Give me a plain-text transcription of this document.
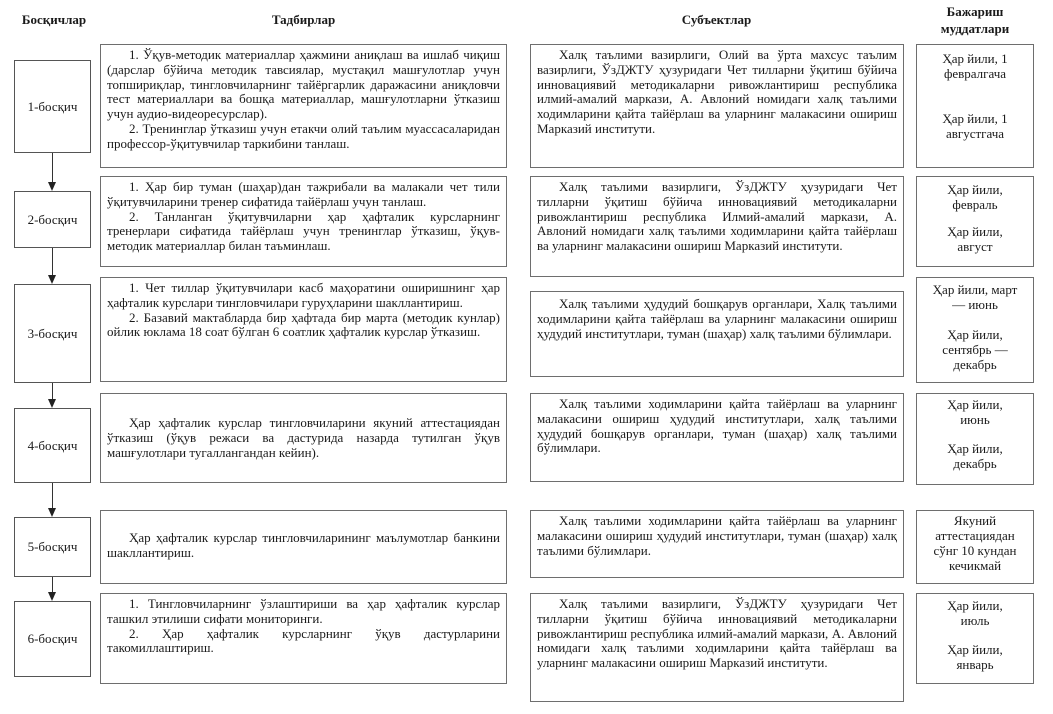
Босқичлар	Тадбирлар	Субъектлар
Бажариш
муддатлари
1-босқич

1. Ўқув-методик материаллар ҳажмини аниқлаш ва ишлаб чиқиш (дарслар бўйича методик тавсиялар, мустақил машғулотлар учун топшириқлар, тингловчиларнинг тайёргарлик даражасини аниқловчи тест материаллари ва бошқа материаллар, машғулотларни ўтказиш учун аудио-видеоресурслар).

2. Тренинглар ўтказиш учун етакчи олий таълим муассасаларидан профессор-ўқитувчилар таркибини танлаш.

Халқ таълими вазирлиги, Олий ва ўрта махсус таълим вазирлиги, ЎзДЖТУ ҳузуридаги Чет тилларни ўқитиш бўйича инновациявий методикаларни ривожлантириш республика илмий-амалий маркази, А. Авлоний номидаги халқ таълими ходимларини қайта тайёрлаш ва уларнинг малакасини ошириш Марказий институти.

Ҳар йили, 1 февралгача

Ҳар йили, 1 августгача

2-босқич

1. Ҳар бир туман (шаҳар)дан тажрибали ва малакали чет тили ўқитувчиларини тренер сифатида тайёрлаш учун танлаш.

2. Танланган ўқитувчиларни ҳар ҳафталик курсларнинг тренерлари сифатида тайёрлаш учун тренинглар ўтказиш, ўқув-методик материаллар билан таъминлаш.

Халқ таълими вазирлиги, ЎзДЖТУ ҳузуридаги Чет тилларни ўқитиш бўйича инновациявий методикаларни ривожлантириш республика Илмий-амалий маркази, А. Авлоний номидаги халқ таълими ходимларини қайта тайёрлаш ва уларнинг малакасини ошириш Марказий институти.

Ҳар йили, февраль

Ҳар йили, август

3-босқич

1. Чет тиллар ўқитувчилари касб маҳоратини оширишнинг ҳар ҳафталик курслари тингловчилари гуруҳларини шакллантириш.

2. Базавий мактабларда бир ҳафтада бир марта (методик кунлар) ойлик юклама 18 соат бўлган 6 соатлик ҳафталик курслар ўтказиш.

Халқ таълими ҳудудий бошқарув органлари, Халқ таълими ходимларини қайта тайёрлаш ва уларнинг малакасини ошириш ҳудудий институтлари, туман (шаҳар) халқ таълими бўлимлари.

Ҳар йили, март — июнь

Ҳар йили, сентябрь — декабрь

4-босқич

Ҳар ҳафталик курслар тингловчиларини якуний аттестациядан ўтказиш (ўқув режаси ва дастурида назарда тутилган ўқув машғулотлари тугаллангандан кейин).

Халқ таълими ходимларини қайта тайёрлаш ва уларнинг малакасини ошириш ҳудудий институтлари, халқ таълими ҳудудий бошқарув органлари, туман (шаҳар) халқ таълими бўлимлари.

Ҳар йили, июнь

Ҳар йили, декабрь

5-босқич

Ҳар ҳафталик курслар тингловчиларининг маълумотлар банкини шакллантириш.

Халқ таълими ходимларини қайта тайёрлаш ва уларнинг малакасини ошириш ҳудудий институтлари, туман (шаҳар) халқ таълими бўлимлари.

Якуний аттестациядан сўнг 10 кундан кечикмай

6-босқич

1. Тингловчиларнинг ўзлаштириши ва ҳар ҳафталик курслар ташкил этилиши сифати мониторинги.

2. Ҳар ҳафталик курсларнинг ўқув дастурларини такомиллаштириш.

Халқ таълими вазирлиги, ЎзДЖТУ ҳузуридаги Чет тилларни ўқитиш бўйича инновациявий методикаларни ривожлантириш республика илмий-амалий маркази, А. Авлоний номидаги халқ таълими ходимларини қайта тайёрлаш ва уларнинг малакасини ошириш Марказий институти.

Ҳар йили, июль

Ҳар йили, январь
